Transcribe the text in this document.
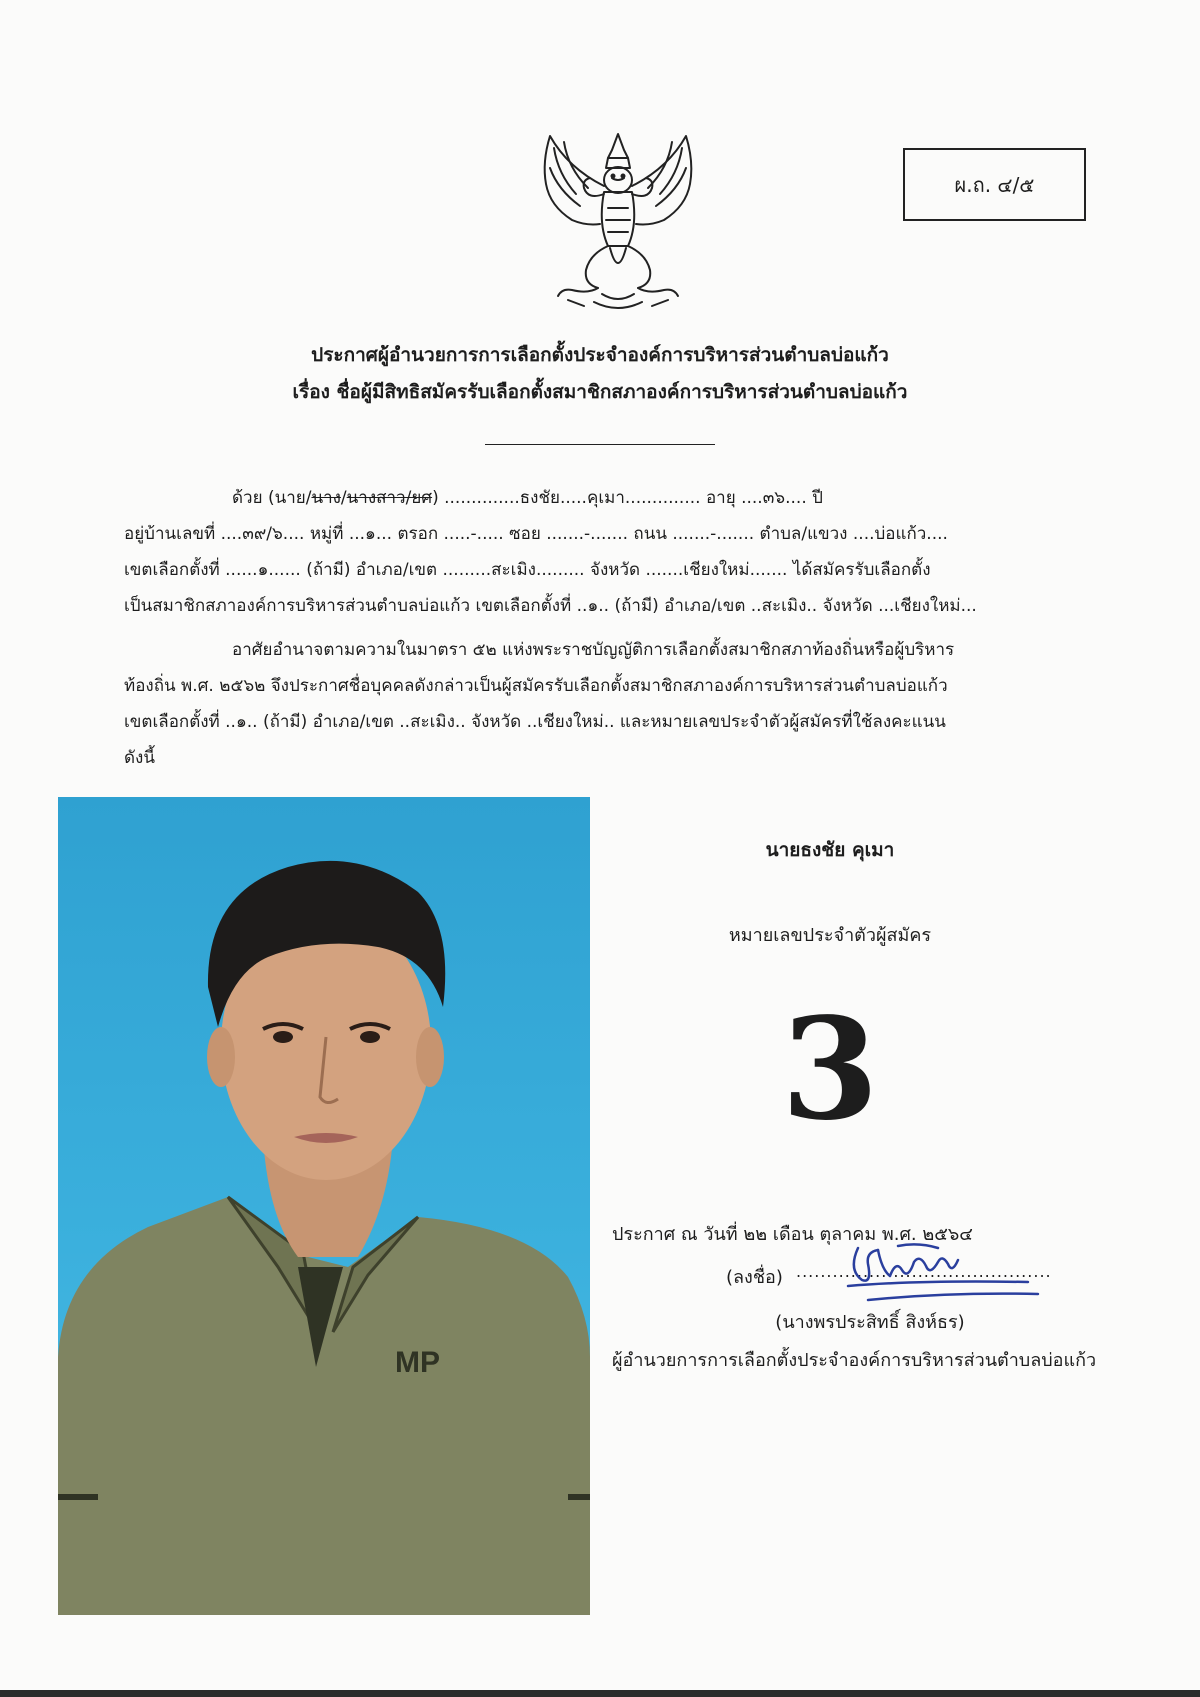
ผ.ถ. ๔/๕
ประกาศผู้อำนวยการการเลือกตั้งประจำองค์การบริหารส่วนตำบลบ่อแก้ว
เรื่อง ชื่อผู้มีสิทธิสมัครรับเลือกตั้งสมาชิกสภาองค์การบริหารส่วนตำบลบ่อแก้ว
ด้วย (นาย/นาง/นางสาว/ยศ) ..............ธงชัย.....คุเมา.............. อายุ ....๓๖.... ปี
อยู่บ้านเลขที่ ....๓๙/๖.... หมู่ที่ ...๑... ตรอก .....-..... ซอย .......-....... ถนน .......-....... ตำบล/แขวง ....บ่อแก้ว....
เขตเลือกตั้งที่ ......๑...... (ถ้ามี) อำเภอ/เขต .........สะเมิง......... จังหวัด .......เชียงใหม่....... ได้สมัครรับเลือกตั้ง
เป็นสมาชิกสภาองค์การบริหารส่วนตำบลบ่อแก้ว เขตเลือกตั้งที่ ..๑.. (ถ้ามี) อำเภอ/เขต ..สะเมิง.. จังหวัด ...เชียงใหม่...
อาศัยอำนาจตามความในมาตรา ๕๒ แห่งพระราชบัญญัติการเลือกตั้งสมาชิกสภาท้องถิ่นหรือผู้บริหาร
ท้องถิ่น พ.ศ. ๒๕๖๒ จึงประกาศชื่อบุคคลดังกล่าวเป็นผู้สมัครรับเลือกตั้งสมาชิกสภาองค์การบริหารส่วนตำบลบ่อแก้ว
เขตเลือกตั้งที่ ..๑.. (ถ้ามี) อำเภอ/เขต ..สะเมิง.. จังหวัด ..เชียงใหม่.. และหมายเลขประจำตัวผู้สมัครที่ใช้ลงคะแนน
ดังนี้
MP
นายธงชัย คุเมา
หมายเลขประจำตัวผู้สมัคร
3
ประกาศ ณ วันที่ ๒๒ เดือน ตุลาคม พ.ศ. ๒๕๖๔
(ลงชื่อ) ..........................................
(นางพรประสิทธิ์ สิงห์ธร)
ผู้อำนวยการการเลือกตั้งประจำองค์การบริหารส่วนตำบลบ่อแก้ว
